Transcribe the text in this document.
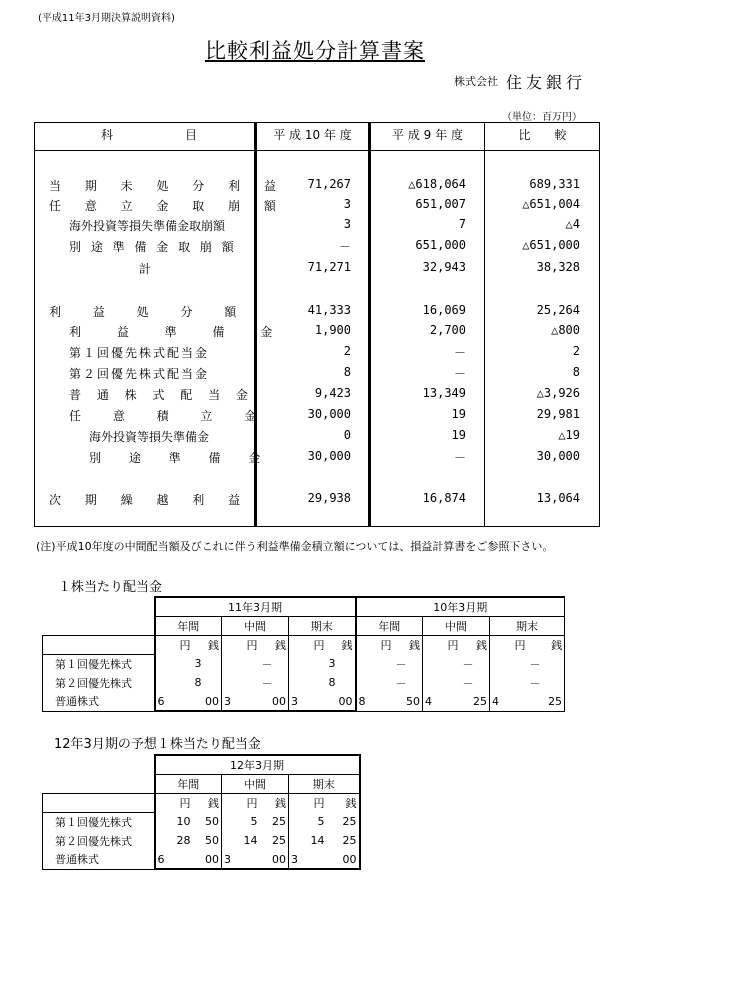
(平成11年3月期決算説明資料)
比較利益処分計算書案
株式会社 住友銀行
（単位：百万円）
科　　　　　目	平 成 10 年 度	平 成 9 年 度	比　　較
当 期 未 処 分 利 益 71,267	△618,064	689,331
任 意 立 金 取 崩 額	3	651,007	△651,004
海外投資等損失準備金取崩額	3	7	△4
別 途 準 備 金 取 崩 額	－	651,000	△651,000
計	71,271	32,943	38,328
利 益 処 分 額	41,333	16,069	25,264
利 益 準 備 金 1,900	2,700	△800
第１回優先株式配当金	2	－	2
第２回優先株式配当金	8	－	8
普 通 株 式 配 当 金	9,423	13,349	△3,926
任 意 積 立 金	30,000	19	29,981
海外投資等損失準備金	0	19	△19
別 途 準 備 金	30,000	－	30,000
次 期 繰 越 利 益	29,938	16,874	13,064
(注)平成10年度の中間配当額及びこれに伴う利益準備金積立額については、損益計算書をご参照下さい。
１株当たり配当金
	11年3月期						10年3月期					
	年間		中間		期末		年間		中間		期末	
	円	銭	円	銭	円	銭	円	銭	円	銭	円	銭
第１回優先株式		3		－		3		－		－		－
第２回優先株式		8		－		8		－		－		－
普通株式	6	00	3	00	3	00	8	50	4	25	4	25
12年3月期の予想１株当たり配当金
	12年3月期					
	年間		中間		期末	
	円	銭	円	銭	円	銭
第１回優先株式	10	50	5	25	5	25
第２回優先株式	28	50	14	25	14	25
普通株式	6	00	3	00	3	00
